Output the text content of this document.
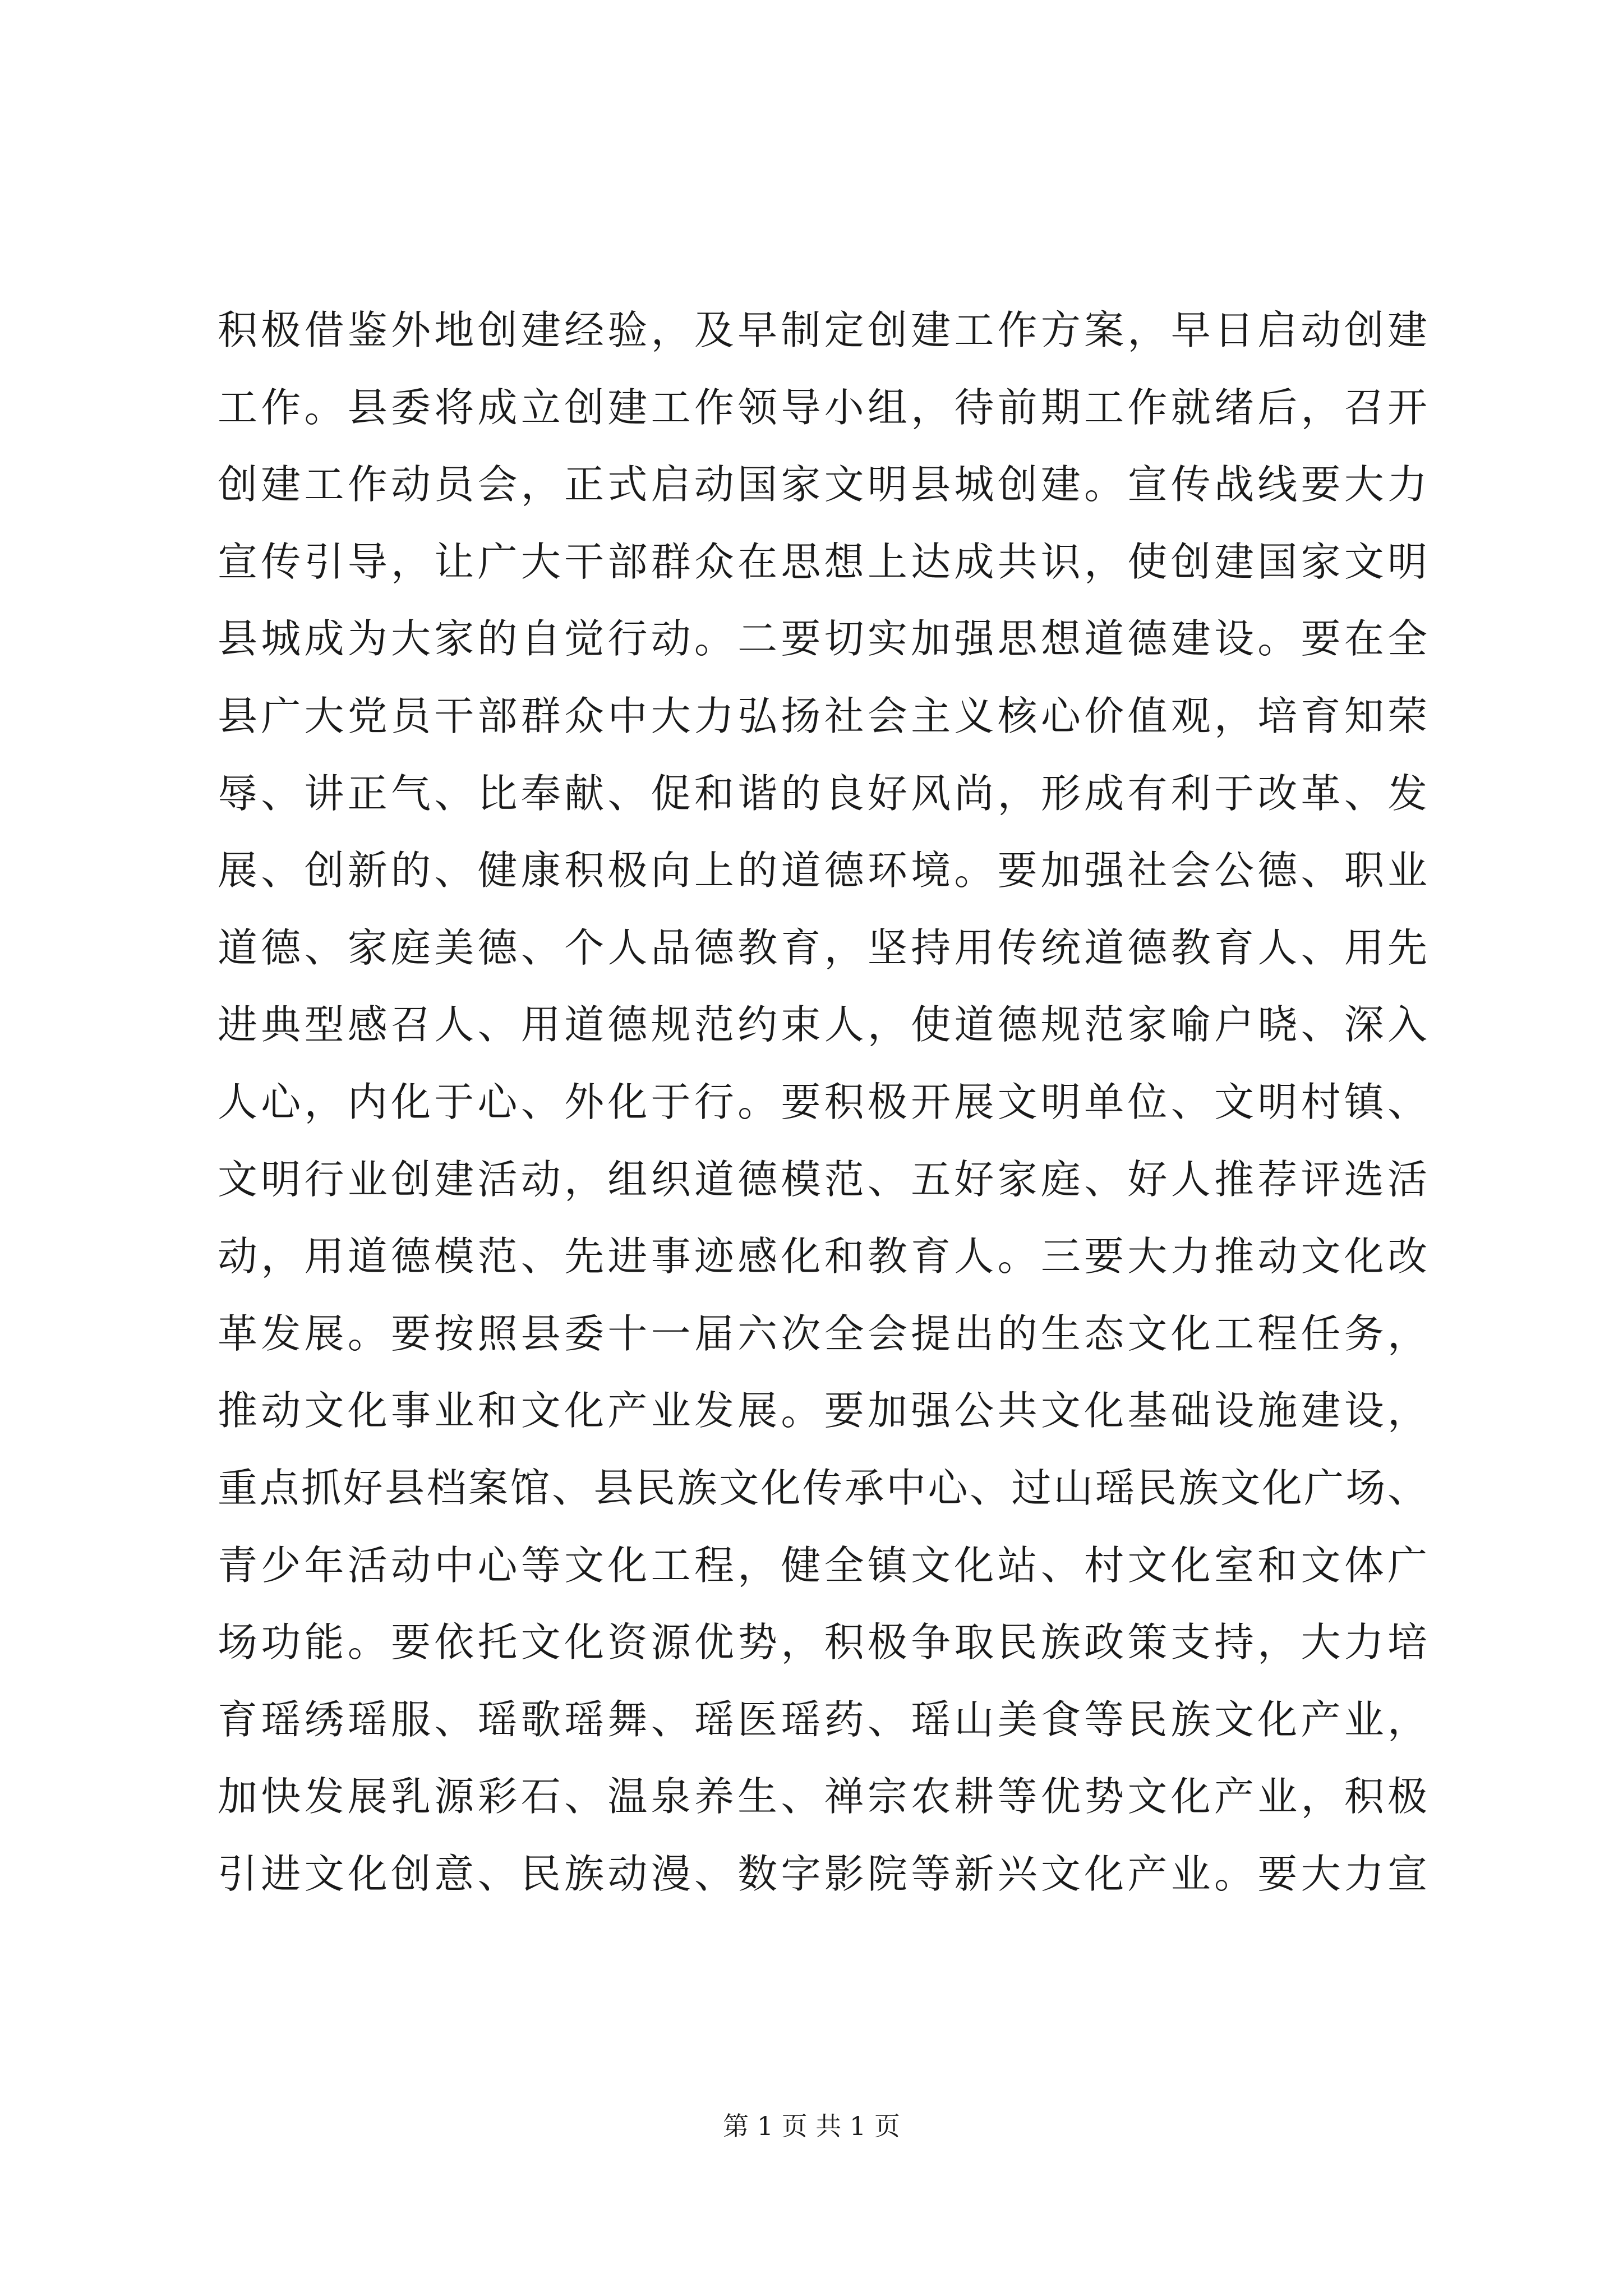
积极借鉴外地创建经验，及早制定创建工作方案，早日启动创建
工作。县委将成立创建工作领导小组，待前期工作就绪后，召开
创建工作动员会，正式启动国家文明县城创建。宣传战线要大力
宣传引导，让广大干部群众在思想上达成共识，使创建国家文明
县城成为大家的自觉行动。二要切实加强思想道德建设。要在全
县广大党员干部群众中大力弘扬社会主义核心价值观，培育知荣
辱、讲正气、比奉献、促和谐的良好风尚，形成有利于改革、发
展、创新的、健康积极向上的道德环境。要加强社会公德、职业
道德、家庭美德、个人品德教育，坚持用传统道德教育人、用先
进典型感召人、用道德规范约束人，使道德规范家喻户晓、深入
人心，内化于心、外化于行。要积极开展文明单位、文明村镇、
文明行业创建活动，组织道德模范、五好家庭、好人推荐评选活
动，用道德模范、先进事迹感化和教育人。三要大力推动文化改
革发展。要按照县委十一届六次全会提出的生态文化工程任务，
推动文化事业和文化产业发展。要加强公共文化基础设施建设，
重点抓好县档案馆、县民族文化传承中心、过山瑶民族文化广场、
青少年活动中心等文化工程，健全镇文化站、村文化室和文体广
场功能。要依托文化资源优势，积极争取民族政策支持，大力培
育瑶绣瑶服、瑶歌瑶舞、瑶医瑶药、瑶山美食等民族文化产业，
加快发展乳源彩石、温泉养生、禅宗农耕等优势文化产业，积极
引进文化创意、民族动漫、数字影院等新兴文化产业。要大力宣
第 1 页 共 1 页
